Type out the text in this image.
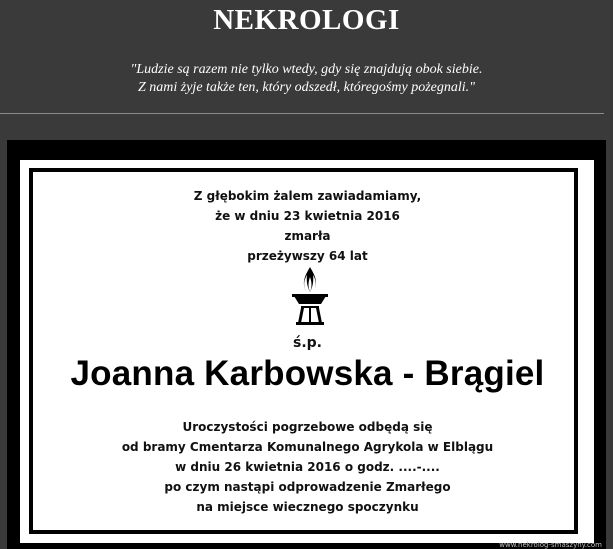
NEKROLOGI
"Ludzie są razem nie tylko wtedy, gdy się znajdują obok siebie.
Z nami żyje także ten, który odszedł, któregośmy pożegnali."
Z głębokim żalem zawiadamiamy,
że w dniu 23 kwietnia 2016
zmarła
przeżywszy 64 lat
ś.p.
Joanna Karbowska - Brągiel
Uroczystości pogrzebowe odbędą się
od bramy Cmentarza Komunalnego Agrykola w Elblągu
w dniu 26 kwietnia 2016 o godz. ....-....
po czym nastąpi odprowadzenie Zmarłego
na miejsce wiecznego spoczynku
www.nekrolog-smaszyny.com
